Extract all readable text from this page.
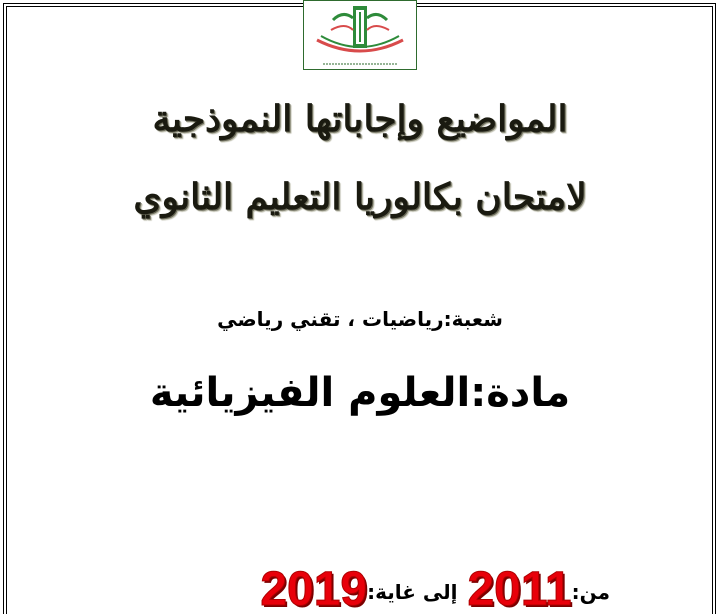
المواضيع وإجاباتها النموذجية
لامتحان بكالوريا التعليم الثانوي
شعبة:رياضيات ، تقني رياضي
مادة:العلوم الفيزيائية
من:
2011
إلى غاية:
2019
